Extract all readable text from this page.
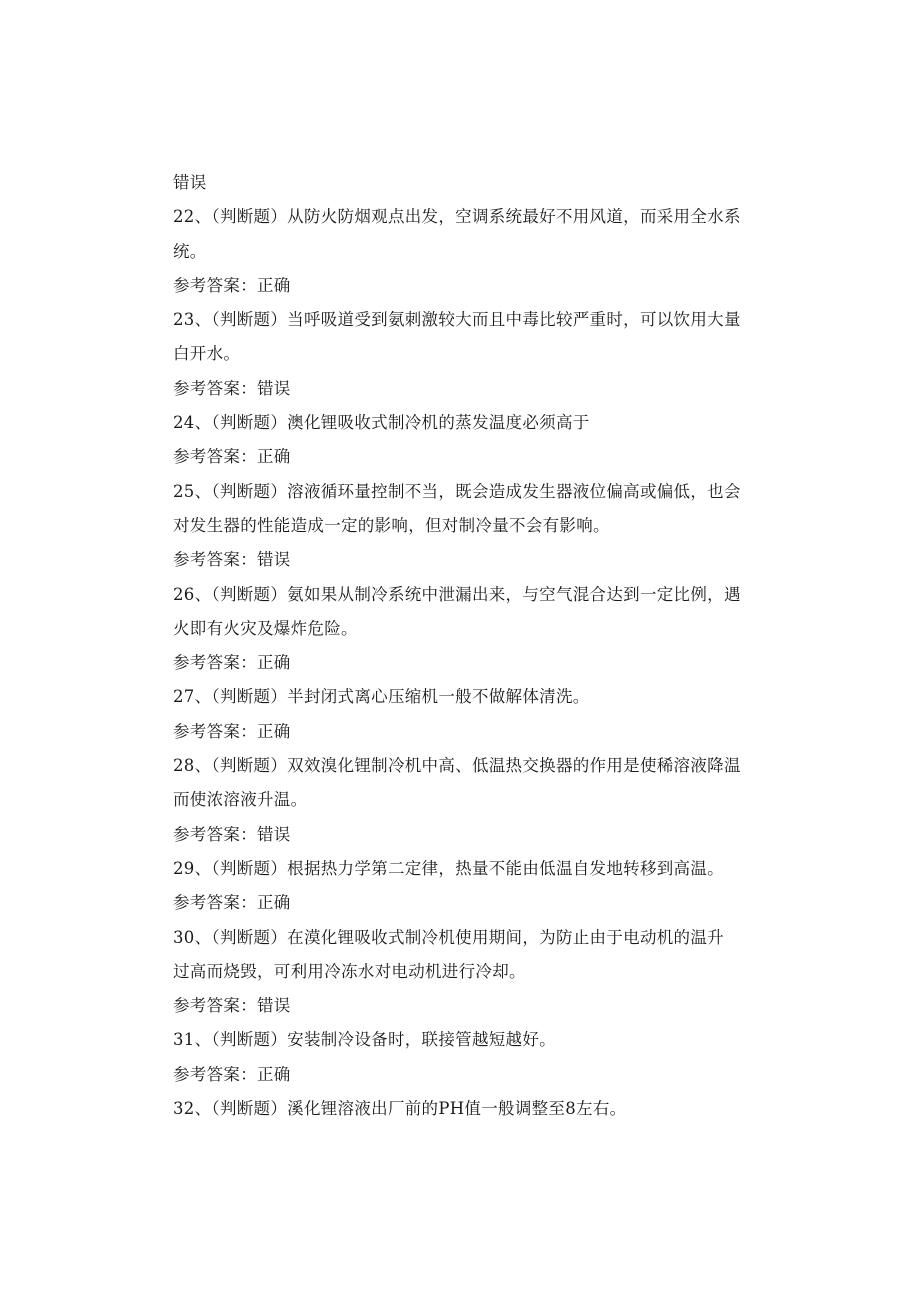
错误
22、（判断题）从防火防烟观点出发，空调系统最好不用风道，而采用全水系
统。
参考答案：正确
23、（判断题）当呼吸道受到氨刺激较大而且中毒比较严重时，可以饮用大量
白开水。
参考答案：错误
24、（判断题）澳化锂吸收式制冷机的蒸发温度必须高于
参考答案：正确
25、（判断题）溶液循环量控制不当，既会造成发生器液位偏高或偏低，也会
对发生器的性能造成一定的影响，但对制冷量不会有影响。
参考答案：错误
26、（判断题）氨如果从制冷系统中泄漏出来，与空气混合达到一定比例，遇
火即有火灾及爆炸危险。
参考答案：正确
27、（判断题）半封闭式离心压缩机一般不做解体清洗。
参考答案：正确
28、（判断题）双效溴化锂制冷机中高、低温热交换器的作用是使稀溶液降温
而使浓溶液升温。
参考答案：错误
29、（判断题）根据热力学第二定律，热量不能由低温自发地转移到高温。
参考答案：正确
30、（判断题）在漠化锂吸收式制冷机使用期间，为防止由于电动机的温升
过高而烧毁，可利用冷冻水对电动机进行冷却。
参考答案：错误
31、（判断题）安装制冷设备时，联接管越短越好。
参考答案：正确
32、（判断题）溪化锂溶液出厂前的PH值一般调整至8左右。
